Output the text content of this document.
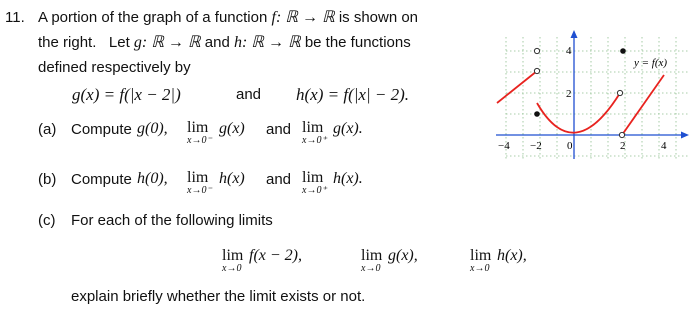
11. A portion of the graph of a function f: ℝ → ℝ is shown on
the right. Let g: ℝ → ℝ and h: ℝ → ℝ be the functions
defined respectively by
g(x) = f(|x − 2|)	and h(x) = f(|x| − 2).
(a) Compute g(0), lim
x→0⁻
g(x) and lim
x→0⁺
g(x).
(b) Compute h(0), lim
x→0⁻
h(x) and lim
x→0⁺
h(x).
(c) For each of the following limits
lim
x→0
f(x − 2),	lim
x→0
g(x),	lim
x→0
h(x),
explain briefly whether the limit exists or not.
−4 −2 0	2	4
2
4
y = f(x)
